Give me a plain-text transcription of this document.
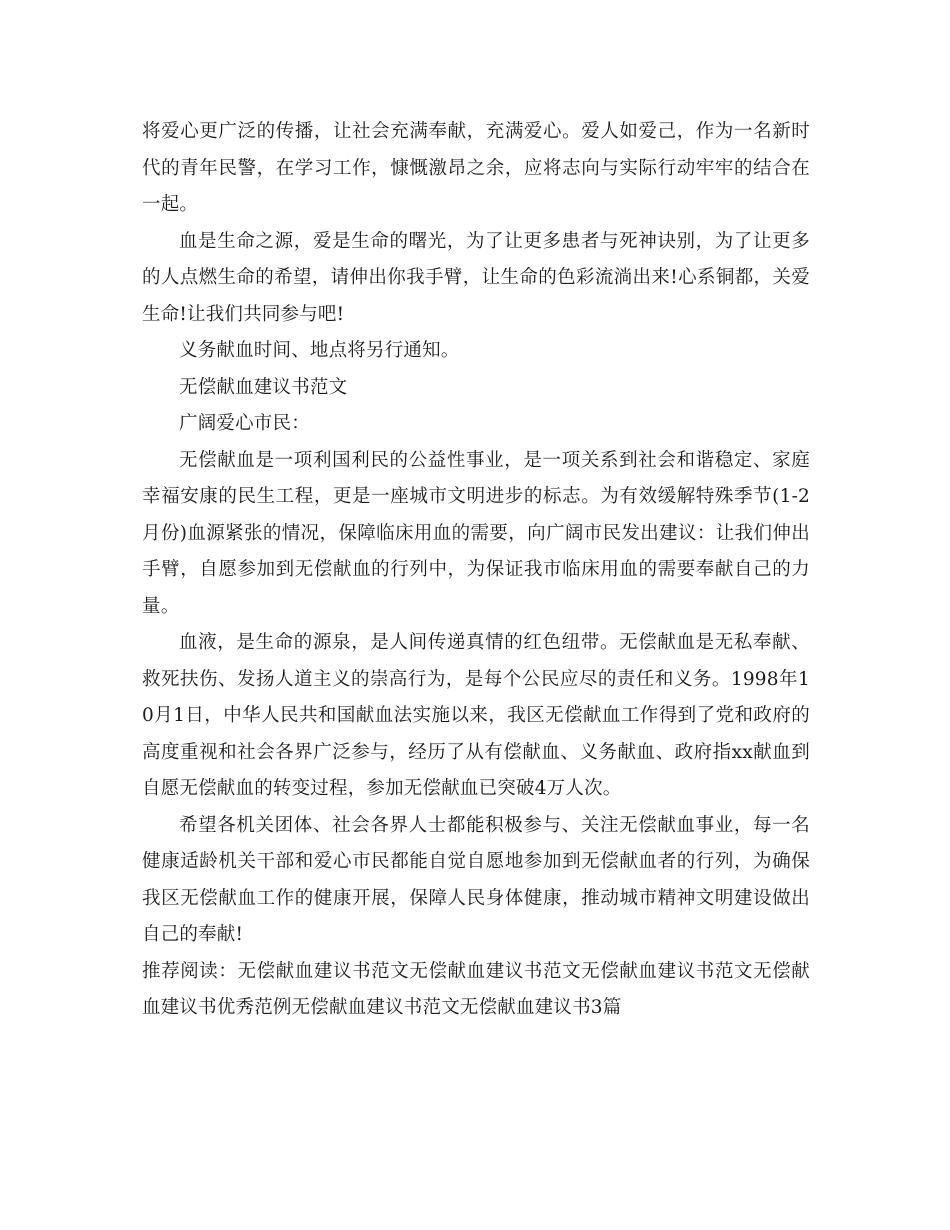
将爱心更广泛的传播，让社会充满奉献，充满爱心。爱人如爱己，作为一名新时代的青年民警，在学习工作，慷慨激昂之余，应将志向与实际行动牢牢的结合在一起。

血是生命之源，爱是生命的曙光，为了让更多患者与死神诀别，为了让更多的人点燃生命的希望，请伸出你我手臂，让生命的色彩流淌出来!心系铜都，关爱生命!让我们共同参与吧!

义务献血时间、地点将另行通知。

无偿献血建议书范文

广阔爱心市民：

无偿献血是一项利国利民的公益性事业，是一项关系到社会和谐稳定、家庭幸福安康的民生工程，更是一座城市文明进步的标志。为有效缓解特殊季节(1-2月份)血源紧张的情况，保障临床用血的需要，向广阔市民发出建议：让我们伸出手臂，自愿参加到无偿献血的行列中，为保证我市临床用血的需要奉献自己的力量。

血液，是生命的源泉，是人间传递真情的红色纽带。无偿献血是无私奉献、救死扶伤、发扬人道主义的崇高行为，是每个公民应尽的责任和义务。1998年10月1日，中华人民共和国献血法实施以来，我区无偿献血工作得到了党和政府的高度重视和社会各界广泛参与，经历了从有偿献血、义务献血、政府指xx献血到自愿无偿献血的转变过程，参加无偿献血已突破4万人次。

希望各机关团体、社会各界人士都能积极参与、关注无偿献血事业，每一名健康适龄机关干部和爱心市民都能自觉自愿地参加到无偿献血者的行列，为确保我区无偿献血工作的健康开展，保障人民身体健康，推动城市精神文明建设做出自己的奉献!

推荐阅读：无偿献血建议书范文无偿献血建议书范文无偿献血建议书范文无偿献血建议书优秀范例无偿献血建议书范文无偿献血建议书3篇
